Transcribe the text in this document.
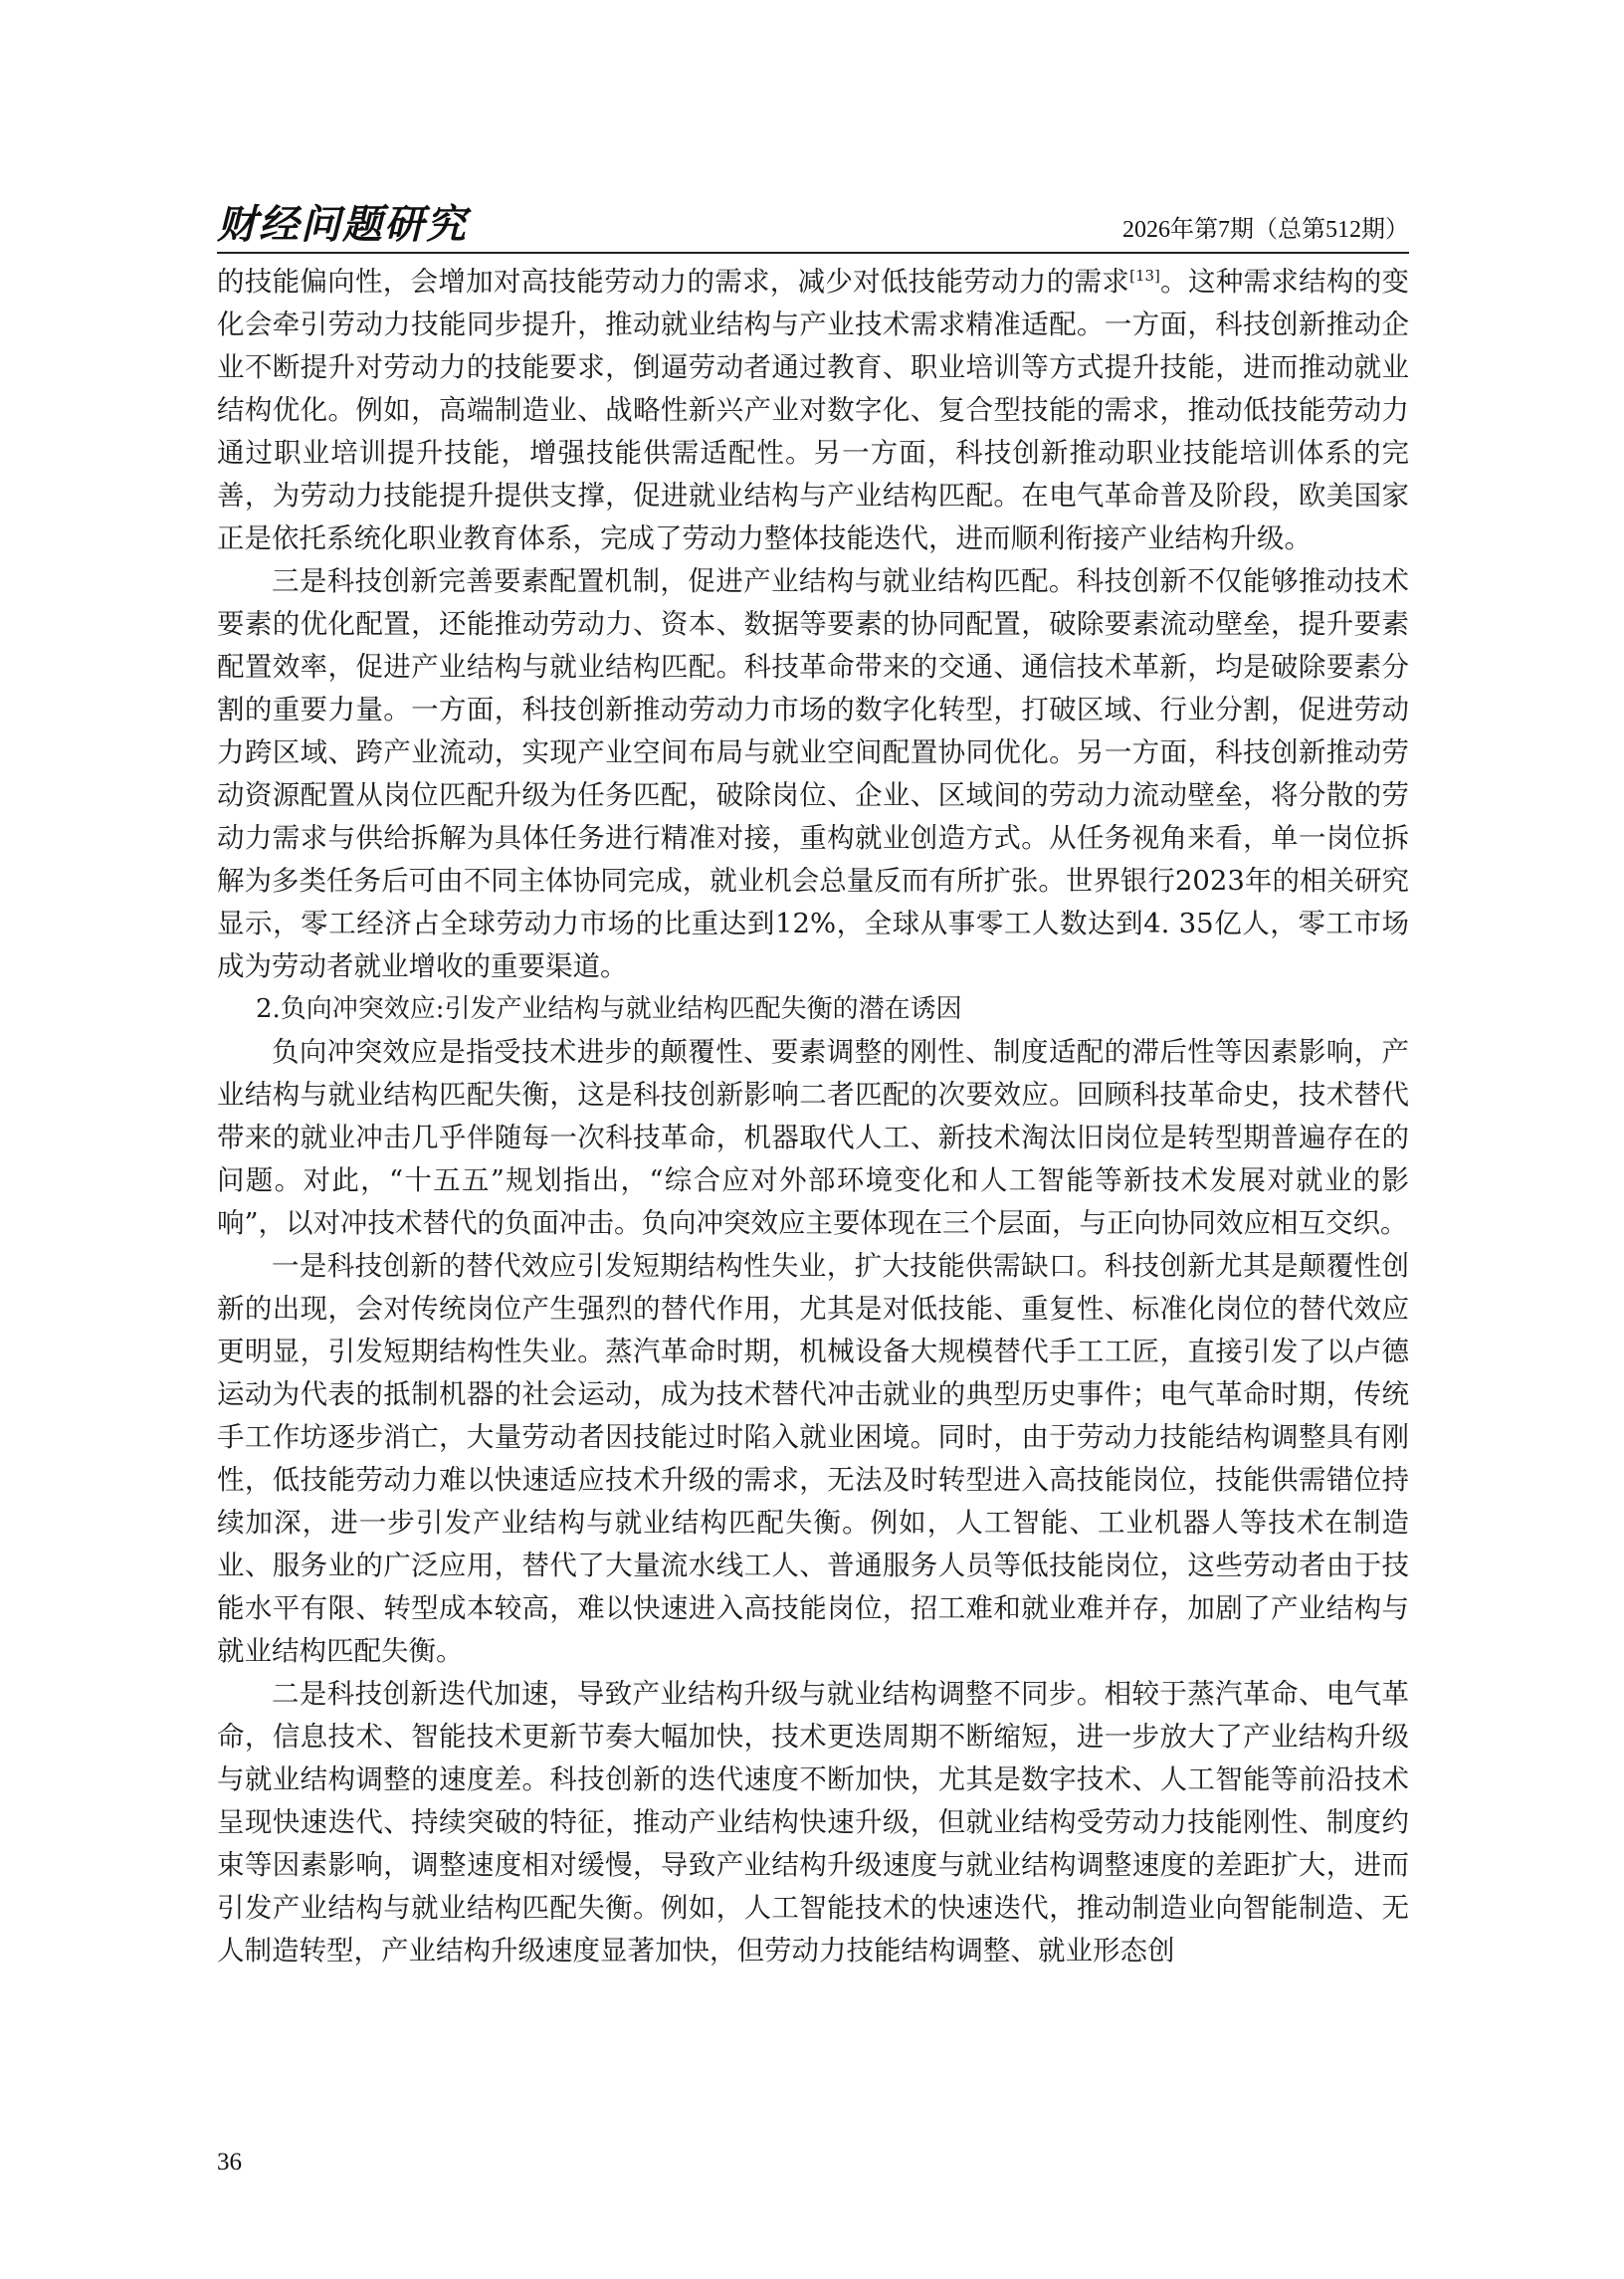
财经问题研究	2026年第7期（总第512期）

的技能偏向性，会增加对高技能劳动力的需求，减少对低技能劳动力的需求[13]。这种需求结构的变化会牵引劳动力技能同步提升，推动就业结构与产业技术需求精准适配。一方面，科技创新推动企业不断提升对劳动力的技能要求，倒逼劳动者通过教育、职业培训等方式提升技能，进而推动就业结构优化。例如，高端制造业、战略性新兴产业对数字化、复合型技能的需求，推动低技能劳动力通过职业培训提升技能，增强技能供需适配性。另一方面，科技创新推动职业技能培训体系的完善，为劳动力技能提升提供支撑，促进就业结构与产业结构匹配。在电气革命普及阶段，欧美国家正是依托系统化职业教育体系，完成了劳动力整体技能迭代，进而顺利衔接产业结构升级。

三是科技创新完善要素配置机制，促进产业结构与就业结构匹配。科技创新不仅能够推动技术要素的优化配置，还能推动劳动力、资本、数据等要素的协同配置，破除要素流动壁垒，提升要素配置效率，促进产业结构与就业结构匹配。科技革命带来的交通、通信技术革新，均是破除要素分割的重要力量。一方面，科技创新推动劳动力市场的数字化转型，打破区域、行业分割，促进劳动力跨区域、跨产业流动，实现产业空间布局与就业空间配置协同优化。另一方面，科技创新推动劳动资源配置从岗位匹配升级为任务匹配，破除岗位、企业、区域间的劳动力流动壁垒，将分散的劳动力需求与供给拆解为具体任务进行精准对接，重构就业创造方式。从任务视角来看，单一岗位拆解为多类任务后可由不同主体协同完成，就业机会总量反而有所扩张。世界银行2023年的相关研究显示，零工经济占全球劳动力市场的比重达到12%，全球从事零工人数达到4. 35亿人，零工市场成为劳动者就业增收的重要渠道。

2.负向冲突效应:引发产业结构与就业结构匹配失衡的潜在诱因

负向冲突效应是指受技术进步的颠覆性、要素调整的刚性、制度适配的滞后性等因素影响，产业结构与就业结构匹配失衡，这是科技创新影响二者匹配的次要效应。回顾科技革命史，技术替代带来的就业冲击几乎伴随每一次科技革命，机器取代人工、新技术淘汰旧岗位是转型期普遍存在的问题。对此，“十五五”规划指出，“综合应对外部环境变化和人工智能等新技术发展对就业的影响”，以对冲技术替代的负面冲击。负向冲突效应主要体现在三个层面，与正向协同效应相互交织。

一是科技创新的替代效应引发短期结构性失业，扩大技能供需缺口。科技创新尤其是颠覆性创新的出现，会对传统岗位产生强烈的替代作用，尤其是对低技能、重复性、标准化岗位的替代效应更明显，引发短期结构性失业。蒸汽革命时期，机械设备大规模替代手工工匠，直接引发了以卢德运动为代表的抵制机器的社会运动，成为技术替代冲击就业的典型历史事件；电气革命时期，传统手工作坊逐步消亡，大量劳动者因技能过时陷入就业困境。同时，由于劳动力技能结构调整具有刚性，低技能劳动力难以快速适应技术升级的需求，无法及时转型进入高技能岗位，技能供需错位持续加深，进一步引发产业结构与就业结构匹配失衡。例如，人工智能、工业机器人等技术在制造业、服务业的广泛应用，替代了大量流水线工人、普通服务人员等低技能岗位，这些劳动者由于技能水平有限、转型成本较高，难以快速进入高技能岗位，招工难和就业难并存，加剧了产业结构与就业结构匹配失衡。

二是科技创新迭代加速，导致产业结构升级与就业结构调整不同步。相较于蒸汽革命、电气革命，信息技术、智能技术更新节奏大幅加快，技术更迭周期不断缩短，进一步放大了产业结构升级与就业结构调整的速度差。科技创新的迭代速度不断加快，尤其是数字技术、人工智能等前沿技术呈现快速迭代、持续突破的特征，推动产业结构快速升级，但就业结构受劳动力技能刚性、制度约束等因素影响，调整速度相对缓慢，导致产业结构升级速度与就业结构调整速度的差距扩大，进而引发产业结构与就业结构匹配失衡。例如，人工智能技术的快速迭代，推动制造业向智能制造、无人制造转型，产业结构升级速度显著加快，但劳动力技能结构调整、就业形态创

36
